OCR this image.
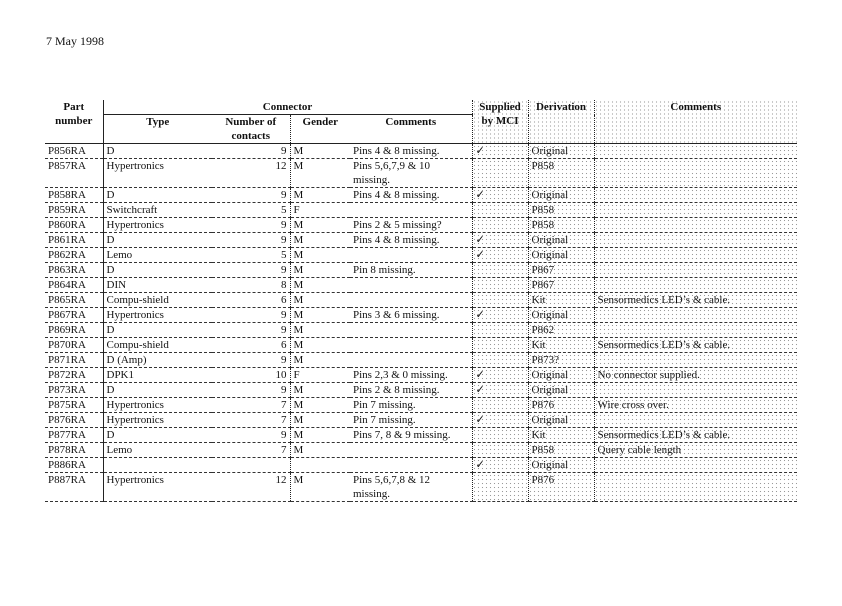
7 May 1998
Part
number	Connector				Supplied by MCI	Derivation	Comments
	Type	Number of contacts	Gender	Comments			
P856RA	D	9	M	Pins 4 & 8 missing.	✓	Original	
P857RA	Hypertronics	12	M	Pins 5,6,7,9 & 10 missing.		P858	
P858RA	D	9	M	Pins 4 & 8 missing.	✓	Original	
P859RA	Switchcraft	5	F			P858	
P860RA	Hypertronics	9	M	Pins 2 & 5 missing?		P858	
P861RA	D	9	M	Pins 4 & 8 missing.	✓	Original	
P862RA	Lemo	5	M		✓	Original	
P863RA	D	9	M	Pin 8 missing.		P867	
P864RA	DIN	8	M			P867	
P865RA	Compu-shield	6	M			Kit	Sensormedics LED’s & cable.
P867RA	Hypertronics	9	M	Pins 3 & 6 missing.	✓	Original	
P869RA	D	9	M			P862	
P870RA	Compu-shield	6	M			Kit	Sensormedics LED’s & cable.
P871RA	D (Amp)	9	M			P873?	
P872RA	DPK1	10	F	Pins 2,3 & 0 missing.	✓	Original	No connector supplied.
P873RA	D	9	M	Pins 2 & 8 missing.	✓	Original	
P875RA	Hypertronics	7	M	Pin 7 missing.		P876	Wire cross over.
P876RA	Hypertronics	7	M	Pin 7 missing.	✓	Original	
P877RA	D	9	M	Pins 7, 8 & 9 missing.		Kit	Sensormedics LED’s & cable.
P878RA	Lemo	7	M			P858	Query cable length
P886RA					✓	Original	
P887RA	Hypertronics	12	M	Pins 5,6,7,8 & 12 missing.		P876	
